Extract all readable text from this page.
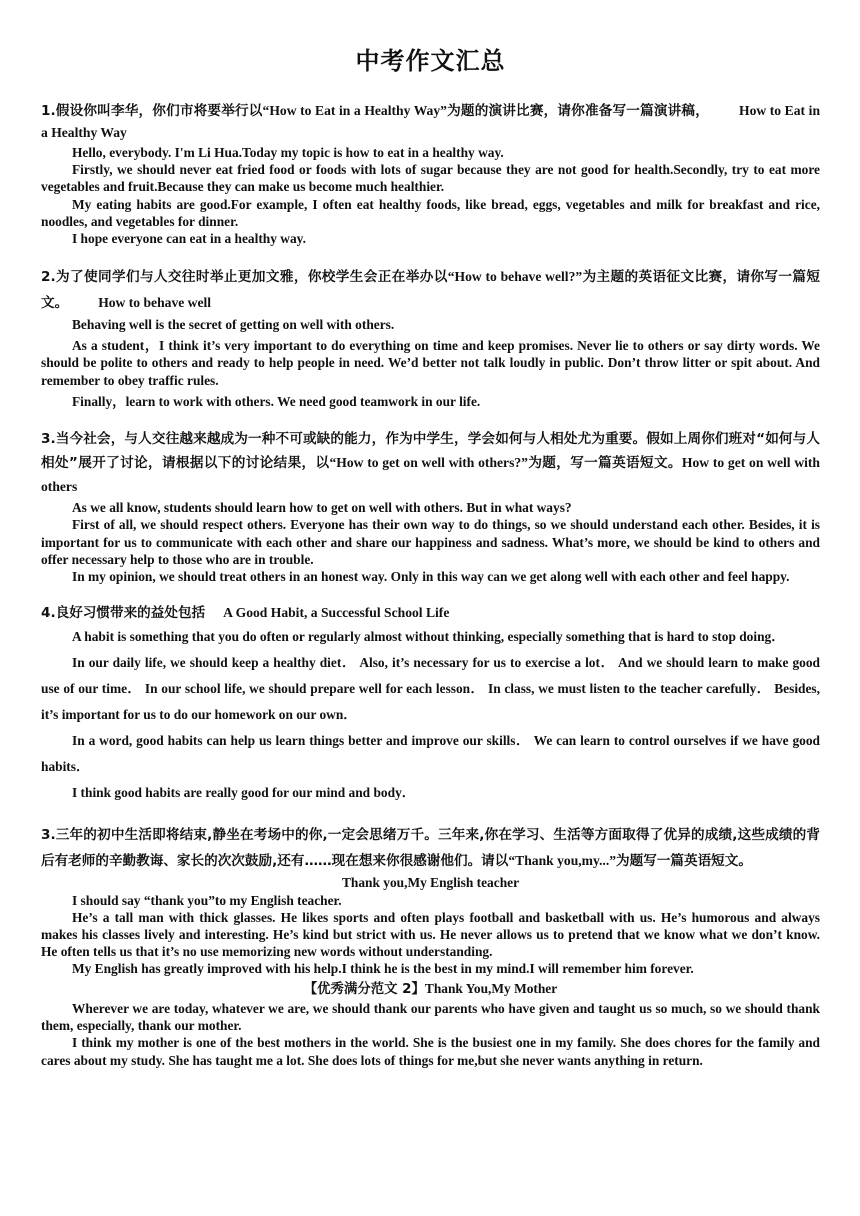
中考作文汇总
1.假设你叫李华，你们市将要举行以“How to Eat in a Healthy Way”为题的演讲比赛，请你准备写一篇演讲稿， How to Eat in a Healthy Way

Hello, everybody. I'm Li Hua.Today my topic is how to eat in a healthy way.

Firstly, we should never eat fried food or foods with lots of sugar because they are not good for health.Secondly, try to eat more vegetables and fruit.Because they can make us become much healthier.

My eating habits are good.For example, I often eat healthy foods, like bread, eggs, vegetables and milk for breakfast and rice, noodles, and vegetables for dinner.

I hope everyone can eat in a healthy way.

2.为了使同学们与人交往时举止更加文雅，你校学生会正在举办以“How to behave well?”为主题的英语征文比赛，请你写一篇短文。 How to behave well

Behaving well is the secret of getting on well with others.

As a student，I think it’s very important to do everything on time and keep promises. Never lie to others or say dirty words. We should be polite to others and ready to help people in need. We’d better not talk loudly in public. Don’t throw litter or spit about. And remember to obey traffic rules.

Finally，learn to work with others. We need good teamwork in our life.

3.当今社会，与人交往越来越成为一种不可或缺的能力，作为中学生，学会如何与人相处尤为重要。假如上周你们班对“如何与人相处”展开了讨论，请根据以下的讨论结果，以“How to get on well with others?”为题，写一篇英语短文。How to get on well with others

As we all know, students should learn how to get on well with others. But in what ways?

First of all, we should respect others. Everyone has their own way to do things, so we should understand each other. Besides, it is important for us to communicate with each other and share our happiness and sadness. What’s more, we should be kind to others and offer necessary help to those who are in trouble.

In my opinion, we should treat others in an honest way. Only in this way can we get along well with each other and feel happy.

4.良好习惯带来的益处包括 A Good Habit, a Successful School Life

A habit is something that you do often or regularly almost without thinking, especially something that is hard to stop doing．

In our daily life, we should keep a healthy diet． Also, it’s necessary for us to exercise a lot． And we should learn to make good use of our time． In our school life, we should prepare well for each lesson． In class, we must listen to the teacher carefully． Besides, it’s important for us to do our homework on our own．

In a word, good habits can help us learn things better and improve our skills． We can learn to control ourselves if we have good habits．

I think good habits are really good for our mind and body．

3.三年的初中生活即将结束,静坐在考场中的你,一定会思绪万千。三年来,你在学习、生活等方面取得了优异的成绩,这些成绩的背后有老师的辛勤教诲、家长的次次鼓励,还有……现在想来你很感谢他们。请以“Thank you,my...”为题写一篇英语短文。
Thank you,My English teacher

I should say “thank you”to my English teacher.

He’s a tall man with thick glasses. He likes sports and often plays football and basketball with us. He’s humorous and always makes his classes lively and interesting. He’s kind but strict with us. He never allows us to pretend that we know what we don’t know. He often tells us that it’s no use memorizing new words without understanding.

My English has greatly improved with his help.I think he is the best in my mind.I will remember him forever.

【优秀满分范文 2】Thank You,My Mother

Wherever we are today, whatever we are, we should thank our parents who have given and taught us so much, so we should thank them, especially, thank our mother.

I think my mother is one of the best mothers in the world. She is the busiest one in my family. She does chores for the family and cares about my study. She has taught me a lot. She does lots of things for me,but she never wants anything in return.
